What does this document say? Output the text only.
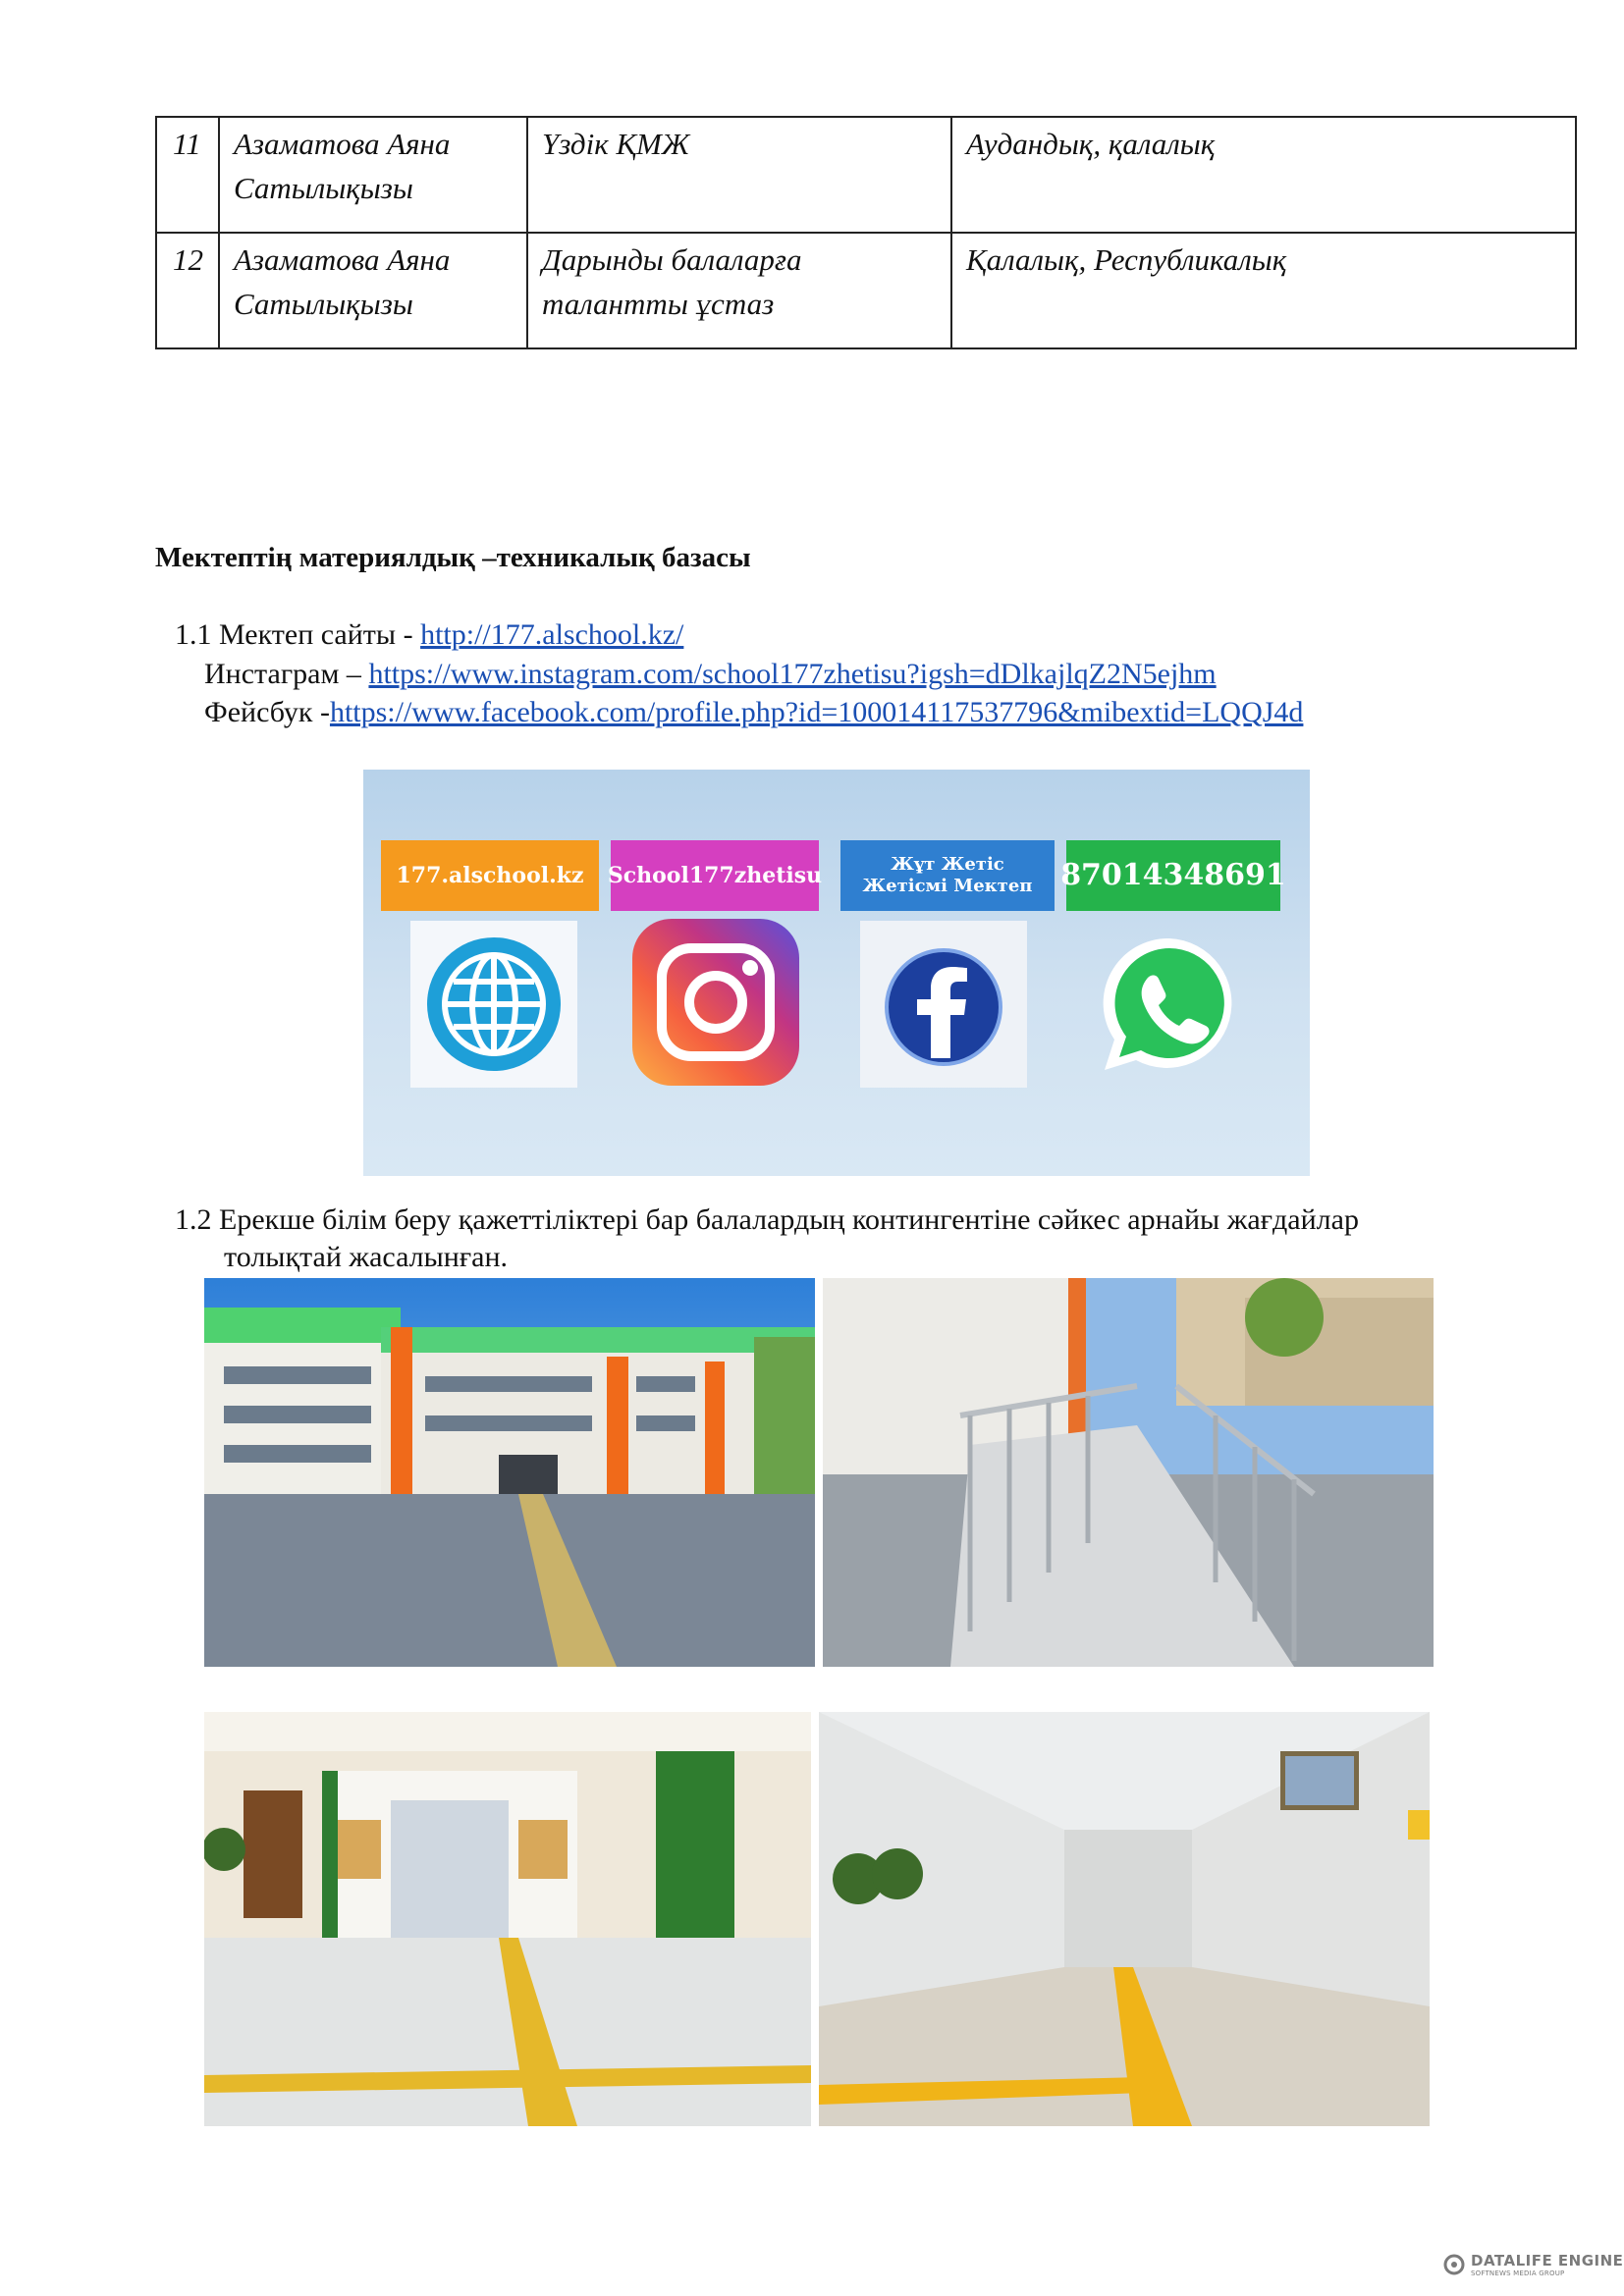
11	Азаматова Аяна Сатылықызы	Үздік ҚМЖ	Аудандық, қалалық
12	Азаматова Аяна Сатылықызы	Дарынды балаларға талантты ұстаз	Қалалық, Республикалық
Мектептің материялдық –техникалық базасы
1.1 Мектеп сайты - http://177.alschool.kz/
Инстаграм – https://www.instagram.com/school177zhetisu?igsh=dDlkajlqZ2N5ejhm
Фейсбук -https://www.facebook.com/profile.php?id=100014117537796&mibextid=LQQJ4d
177.alschool.kz	School177zhetisu	Жұт Жетіс Жетісмі Мектеп 87014348691
1.2 Ерекше білім беру қажеттіліктері бар балалардың контингентіне сәйкес арнайы жағдайлар
толықтай жасалынған.
DATALIFE ENGINE
SOFTNEWS MEDIA GROUP
